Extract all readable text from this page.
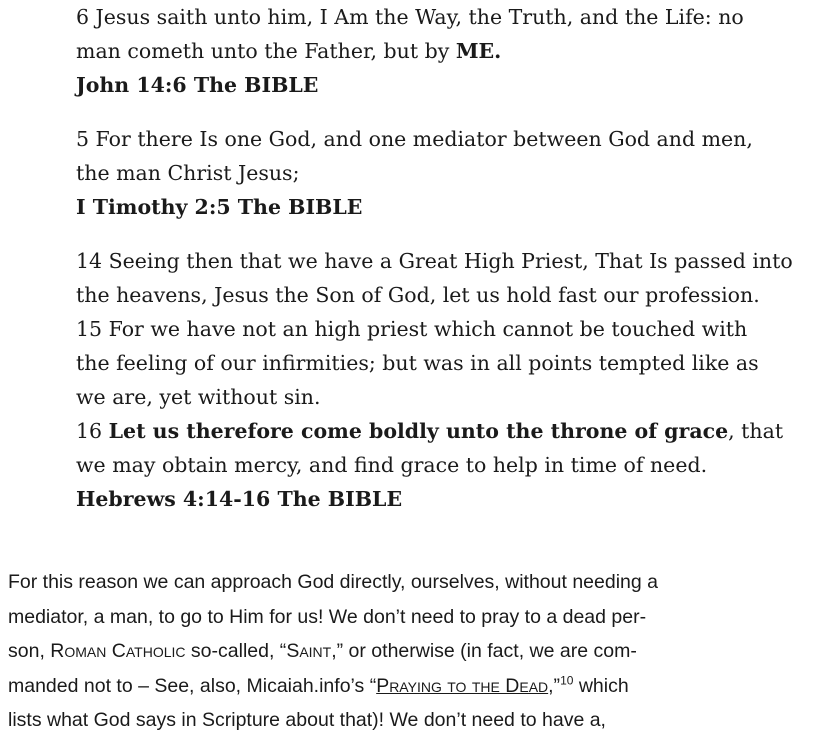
6 Jesus saith unto him, I Am the Way, the Truth, and the Life: no
man cometh unto the Father, but by ME.
John 14:6 The BIBLE
5 For there Is one God, and one mediator between God and men,
the man Christ Jesus;
I Timothy 2:5 The BIBLE
14 Seeing then that we have a Great High Priest, That Is passed into
the heavens, Jesus the Son of God, let us hold fast our profession.
15 For we have not an high priest which cannot be touched with
the feeling of our infirmities; but was in all points tempted like as
we are, yet without sin.
16 Let us therefore come boldly unto the throne of grace, that
we may obtain mercy, and find grace to help in time of need.
Hebrews 4:14-16 The BIBLE
For this reason we can approach God directly, ourselves, without needing a
mediator, a man, to go to Him for us! We don’t need to pray to a dead per-
son, Roman Catholic so-called, “Saint,” or otherwise (in fact, we are com-
manded not to – See, also, Micaiah.info’s “Praying to the Dead,”$^{10}$ which
lists what God says in Scripture about that)! We don’t need to have a,
